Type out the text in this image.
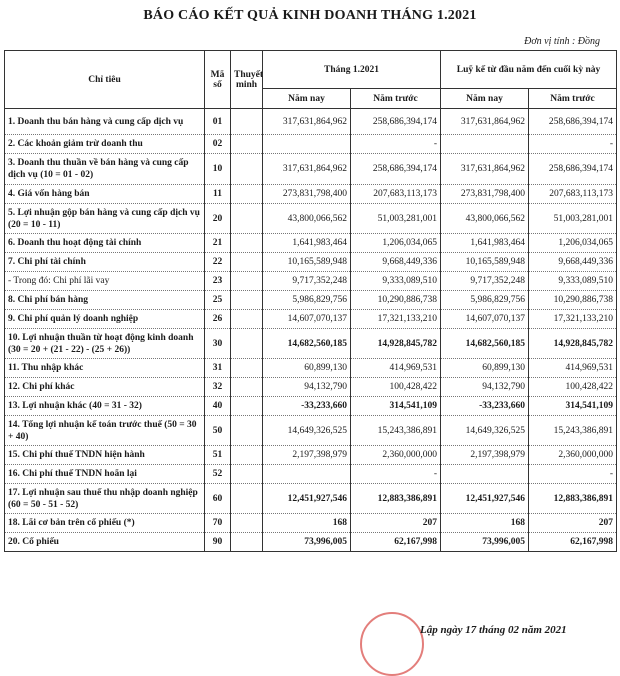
BÁO CÁO KẾT QUẢ KINH DOANH THÁNG 1.2021
Đơn vị tính : Đồng
Chỉ tiêu	Mã số	Thuyết minh	Tháng 1.2021		Luỹ kế từ đầu năm đến cuối kỳ này	
			Năm nay	Năm trước	Năm nay	Năm trước
1. Doanh thu bán hàng và cung cấp dịch vụ	01		317,631,864,962	258,686,394,174	317,631,864,962	258,686,394,174
2. Các khoản giảm trừ doanh thu	02			-		-
3. Doanh thu thuần về bán hàng và cung cấp dịch vụ (10 = 01 - 02)	10		317,631,864,962	258,686,394,174	317,631,864,962	258,686,394,174
4. Giá vốn hàng bán	11		273,831,798,400	207,683,113,173	273,831,798,400	207,683,113,173
5. Lợi nhuận gộp bán hàng và cung cấp dịch vụ (20 = 10 - 11)	20		43,800,066,562	51,003,281,001	43,800,066,562	51,003,281,001
6. Doanh thu hoạt động tài chính	21		1,641,983,464	1,206,034,065	1,641,983,464	1,206,034,065
7. Chi phí tài chính	22		10,165,589,948	9,668,449,336	10,165,589,948	9,668,449,336
- Trong đó: Chi phí lãi vay	23		9,717,352,248	9,333,089,510	9,717,352,248	9,333,089,510
8. Chi phí bán hàng	25		5,986,829,756	10,290,886,738	5,986,829,756	10,290,886,738
9. Chi phí quản lý doanh nghiệp	26		14,607,070,137	17,321,133,210	14,607,070,137	17,321,133,210
10. Lợi nhuận thuần từ hoạt động kinh doanh (30 = 20 + (21 - 22) - (25 + 26))	30		14,682,560,185	14,928,845,782	14,682,560,185	14,928,845,782
11. Thu nhập khác	31		60,899,130	414,969,531	60,899,130	414,969,531
12. Chi phí khác	32		94,132,790	100,428,422	94,132,790	100,428,422
13. Lợi nhuận khác (40 = 31 - 32)	40		-33,233,660	314,541,109	-33,233,660	314,541,109
14. Tổng lợi nhuận kế toán trước thuế (50 = 30 + 40)	50		14,649,326,525	15,243,386,891	14,649,326,525	15,243,386,891
15. Chi phí thuế TNDN hiện hành	51		2,197,398,979	2,360,000,000	2,197,398,979	2,360,000,000
16. Chi phí thuế TNDN hoãn lại	52			-		-
17. Lợi nhuận sau thuế thu nhập doanh nghiệp (60 = 50 - 51 - 52)	60		12,451,927,546	12,883,386,891	12,451,927,546	12,883,386,891
18. Lãi cơ bản trên cổ phiếu (*)	70		168	207	168	207
20. Cổ phiếu	90		73,996,005	62,167,998	73,996,005	62,167,998
Lập ngày 17 tháng 02 năm 2021
